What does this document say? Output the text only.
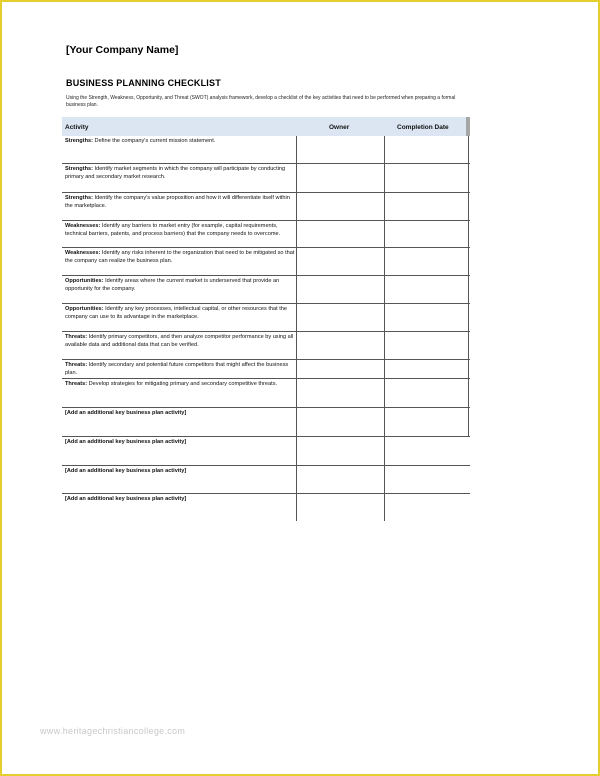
[Your Company Name]
BUSINESS PLANNING CHECKLIST
Using the Strength, Weakness, Opportunity, and Threat (SWOT) analysis framework, develop a checklist of the key activities that need to be performed when preparing a formal business plan.
Activity	Owner	Completion Date
Strengths: Define the company's current mission statement.
Strengths: Identify market segments in which the company will participate by conducting primary and secondary market research.
Strengths: Identify the company's value proposition and how it will differentiate itself within the marketplace.
Weaknesses: Identify any barriers to market entry (for example, capital requirements, technical barriers, patents, and process barriers) that the company needs to overcome.
Weaknesses: Identify any risks inherent to the organization that need to be mitigated so that the company can realize the business plan.
Opportunities: Identify areas where the current market is underserved that provide an opportunity for the company.
Opportunities: Identify any key processes, intellectual capital, or other resources that the company can use to its advantage in the marketplace.
Threats: Identify primary competitors, and then analyze competitor performance by using all available data and additional data that can be verified.
Threats: Identify secondary and potential future competitors that might affect the business plan.
Threats: Develop strategies for mitigating primary and secondary competitive threats.
[Add an additional key business plan activity]
[Add an additional key business plan activity]
[Add an additional key business plan activity]
[Add an additional key business plan activity]
www.heritagechristiancollege.com
